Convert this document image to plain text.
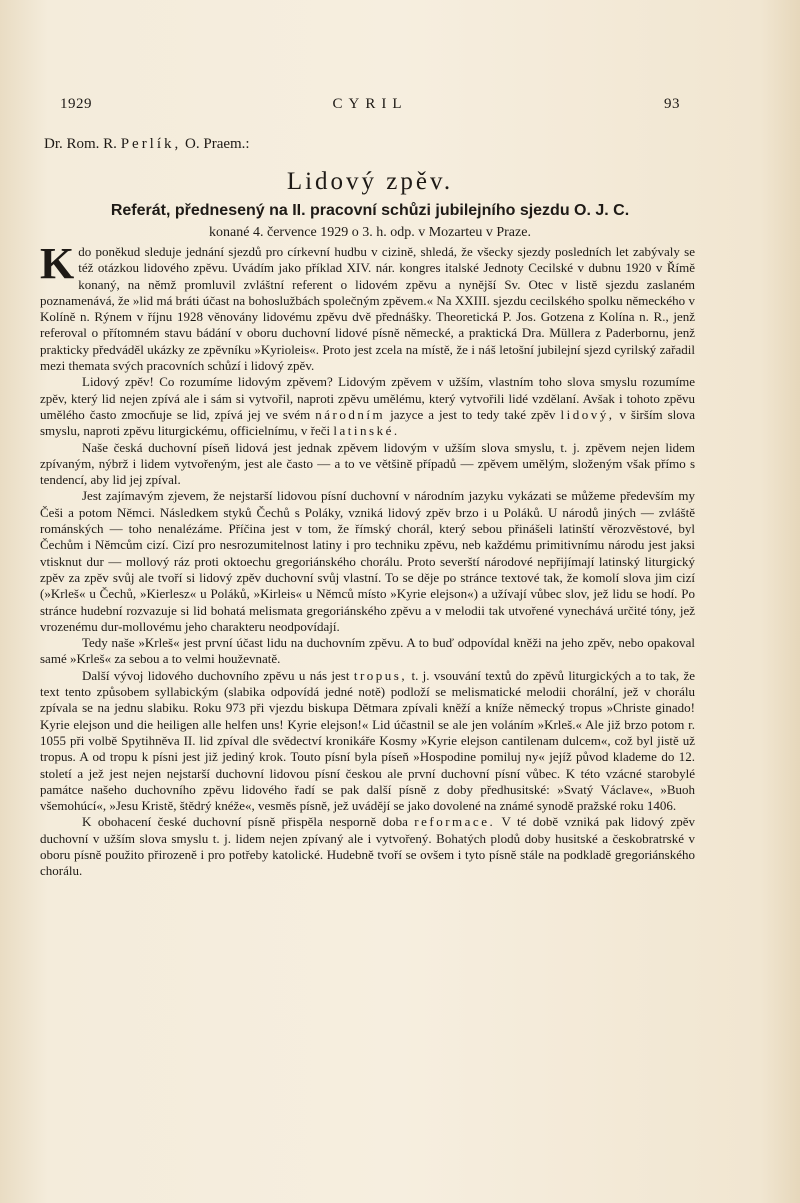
1929	CYRIL	93
Dr. Rom. R. Perlík, O. Praem.:
Lidový zpěv.
Referát, přednesený na II. pracovní schůzi jubilejního sjezdu O. J. C.
konané 4. července 1929 o 3. h. odp. v Mozarteu v Praze.

Kdo poněkud sleduje jednání sjezdů pro církevní hudbu v cizině, shledá, že všecky sjezdy posledních let zabývaly se též otázkou lidového zpěvu. Uvádím jako příklad XIV. nár. kongres italské Jednoty Cecilské v dubnu 1920 v Římě konaný, na němž promluvil zvláštní referent o lidovém zpěvu a nynější Sv. Otec v listě sjezdu zaslaném poznamenává, že »lid má bráti účast na bohoslužbách společným zpěvem.« Na XXIII. sjezdu cecilského spolku německého v Kolíně n. Rýnem v říjnu 1928 věnovány lidovému zpěvu dvě přednášky. Theoretická P. Jos. Gotzena z Kolína n. R., jenž referoval o přítomném stavu bádání v oboru duchovní lidové písně německé, a praktická Dra. Müllera z Paderbornu, jenž prakticky předváděl ukázky ze zpěvníku »Kyrioleis«. Proto jest zcela na místě, že i náš letošní jubilejní sjezd cyrilský zařadil mezi themata svých pracovních schůzí i lidový zpěv.

Lidový zpěv! Co rozumíme lidovým zpěvem? Lidovým zpěvem v užším, vlastním toho slova smyslu rozumíme zpěv, který lid nejen zpívá ale i sám si vytvořil, naproti zpěvu umělému, který vytvořili lidé vzdělaní. Avšak i tohoto zpěvu umělého často zmocňuje se lid, zpívá jej ve svém národním jazyce a jest to tedy také zpěv lidový, v širším slova smyslu, naproti zpěvu liturgickému, officielnímu, v řeči latinské.

Naše česká duchovní píseň lidová jest jednak zpěvem lidovým v užším slova smyslu, t. j. zpěvem nejen lidem zpívaným, nýbrž i lidem vytvořeným, jest ale často — a to ve většině případů — zpěvem umělým, složeným však přímo s tendencí, aby lid jej zpíval.

Jest zajímavým zjevem, že nejstarší lidovou písní duchovní v národním jazyku vykázati se můžeme především my Češi a potom Němci. Následkem styků Čechů s Poláky, vzniká lidový zpěv brzo i u Poláků. U národů jiných — zvláště románských — toho nenalézáme. Příčina jest v tom, že římský chorál, který sebou přinášeli latinští věrozvěstové, byl Čechům i Němcům cizí. Cizí pro nesrozumitelnost latiny i pro techniku zpěvu, neb každému primitivnímu národu jest jaksi vtisknut dur — mollový ráz proti oktoechu gregoriánského chorálu. Proto severští národové nepřijímají latinský liturgický zpěv za zpěv svůj ale tvoří si lidový zpěv duchovní svůj vlastní. To se děje po stránce textové tak, že komolí slova jim cizí (»Krleš« u Čechů, »Kierlesz« u Poláků, »Kirleis« u Němců místo »Kyrie elejson«) a užívají vůbec slov, jež lidu se hodí. Po stránce hudební rozvazuje si lid bohatá melismata gregoriánského zpěvu a v melodii tak utvořené vynechává určité tóny, jež vrozenému dur-mollovému jeho charakteru neodpovídají.

Tedy naše »Krleš« jest první účast lidu na duchovním zpěvu. A to buď odpovídal kněži na jeho zpěv, nebo opakoval samé »Krleš« za sebou a to velmi houževnatě.

Další vývoj lidového duchovního zpěvu u nás jest tropus, t. j. vsouvání textů do zpěvů liturgických a to tak, že text tento způsobem syllabickým (slabika odpovídá jedné notě) podloží se melismatické melodii chorální, jež v chorálu zpívala se na jednu slabiku. Roku 973 při vjezdu biskupa Dětmara zpívali kněží a knížе německý tropus »Christe ginado! Kyrie elejson und die heiligen alle helfen uns! Kyrie elejson!« Lid účastnil se ale jen voláním »Krleš.« Ale již brzo potom r. 1055 při volbě Spytihněva II. lid zpíval dle svědectví kronikáře Kosmy »Kyrie elejson cantilenam dulcem«, což byl jistě už tropus. A od tropu k písni jest již jediný krok. Touto písní byla píseň »Hospodine pomiluj ny« jejíž původ klademe do 12. století a jež jest nejen nejstarší duchovní lidovou písní českou ale první duchovní písní vůbec. K této vzácné starobylé památce našeho duchovního zpěvu lidového řadí se pak další písně z doby předhusitské: »Svatý Václave«, »Buoh všemohúcí«, »Jesu Kristě, štědrý knéže«, vesměs písně, jež uvádějí se jako dovolené na známé synodě pražské roku 1406.

K obohacení české duchovní písně přispěla nesporně doba reformace. V té době vzniká pak lidový zpěv duchovní v užším slova smyslu t. j. lidem nejen zpívaný ale i vytvořený. Bohatých plodů doby husitské a českobratrské v oboru písně použito přirozeně i pro potřeby katolické. Hudebně tvoří se ovšem i tyto písně stále na podkladě gregoriánského chorálu.
